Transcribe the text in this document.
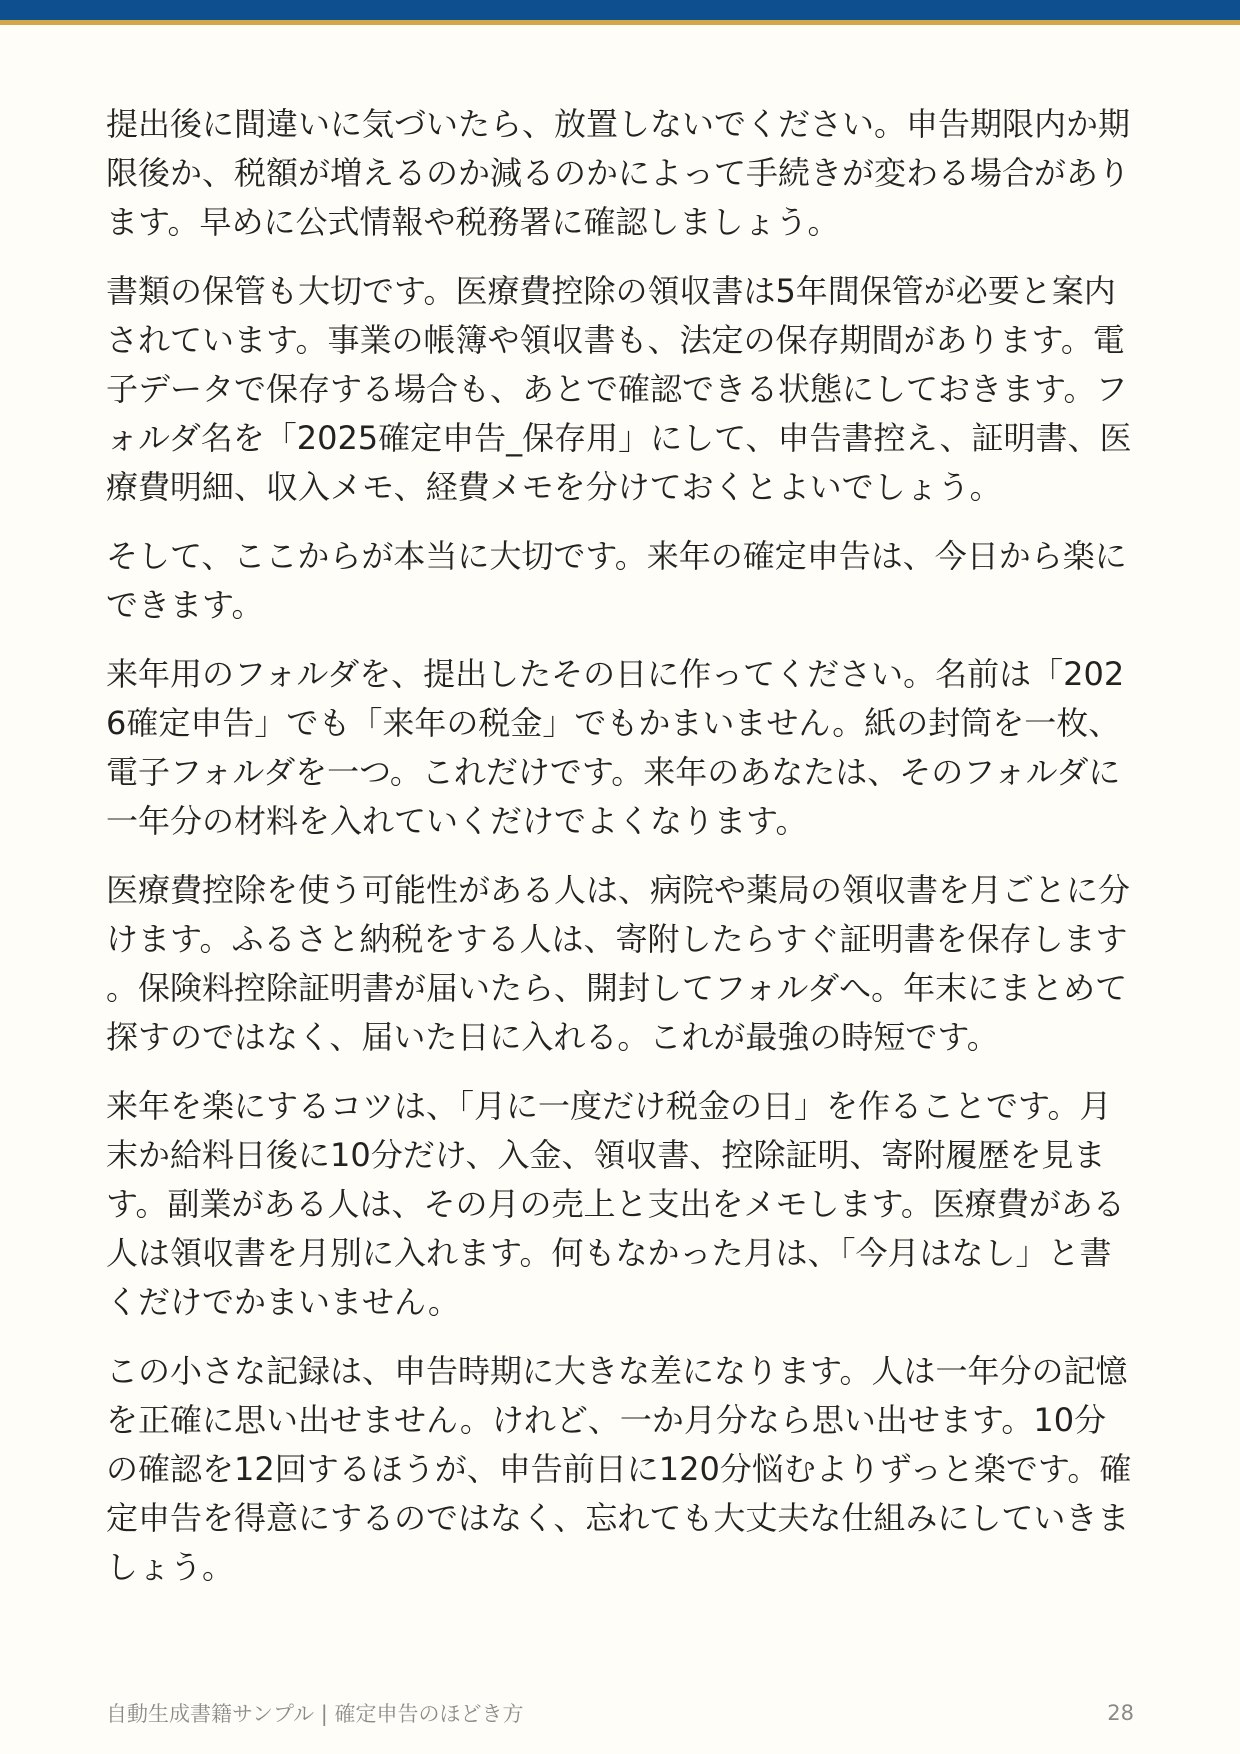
提出後に間違いに気づいたら、放置しないでください。申告期限内か期限後か、税額が増えるのか減るのかによって手続きが変わる場合があります。早めに公式情報や税務署に確認しましょう。

書類の保管も大切です。医療費控除の領収書は5年間保管が必要と案内されています。事業の帳簿や領収書も、法定の保存期間があります。電子データで保存する場合も、あとで確認できる状態にしておきます。フォルダ名を「2025確定申告_保存用」にして、申告書控え、証明書、医療費明細、収入メモ、経費メモを分けておくとよいでしょう。

そして、ここからが本当に大切です。来年の確定申告は、今日から楽にできます。

来年用のフォルダを、提出したその日に作ってください。名前は「2026確定申告」でも「来年の税金」でもかまいません。紙の封筒を一枚、電子フォルダを一つ。これだけです。来年のあなたは、そのフォルダに一年分の材料を入れていくだけでよくなります。

医療費控除を使う可能性がある人は、病院や薬局の領収書を月ごとに分けます。ふるさと納税をする人は、寄附したらすぐ証明書を保存します。保険料控除証明書が届いたら、開封してフォルダへ。年末にまとめて探すのではなく、届いた日に入れる。これが最強の時短です。

来年を楽にするコツは、「月に一度だけ税金の日」を作ることです。月末か給料日後に10分だけ、入金、領収書、控除証明、寄附履歴を見ます。副業がある人は、その月の売上と支出をメモします。医療費がある人は領収書を月別に入れます。何もなかった月は、「今月はなし」と書くだけでかまいません。

この小さな記録は、申告時期に大きな差になります。人は一年分の記憶を正確に思い出せません。けれど、一か月分なら思い出せます。10分の確認を12回するほうが、申告前日に120分悩むよりずっと楽です。確定申告を得意にするのではなく、忘れても大丈夫な仕組みにしていきましょう。

自動生成書籍サンプル | 確定申告のほどき方	28
